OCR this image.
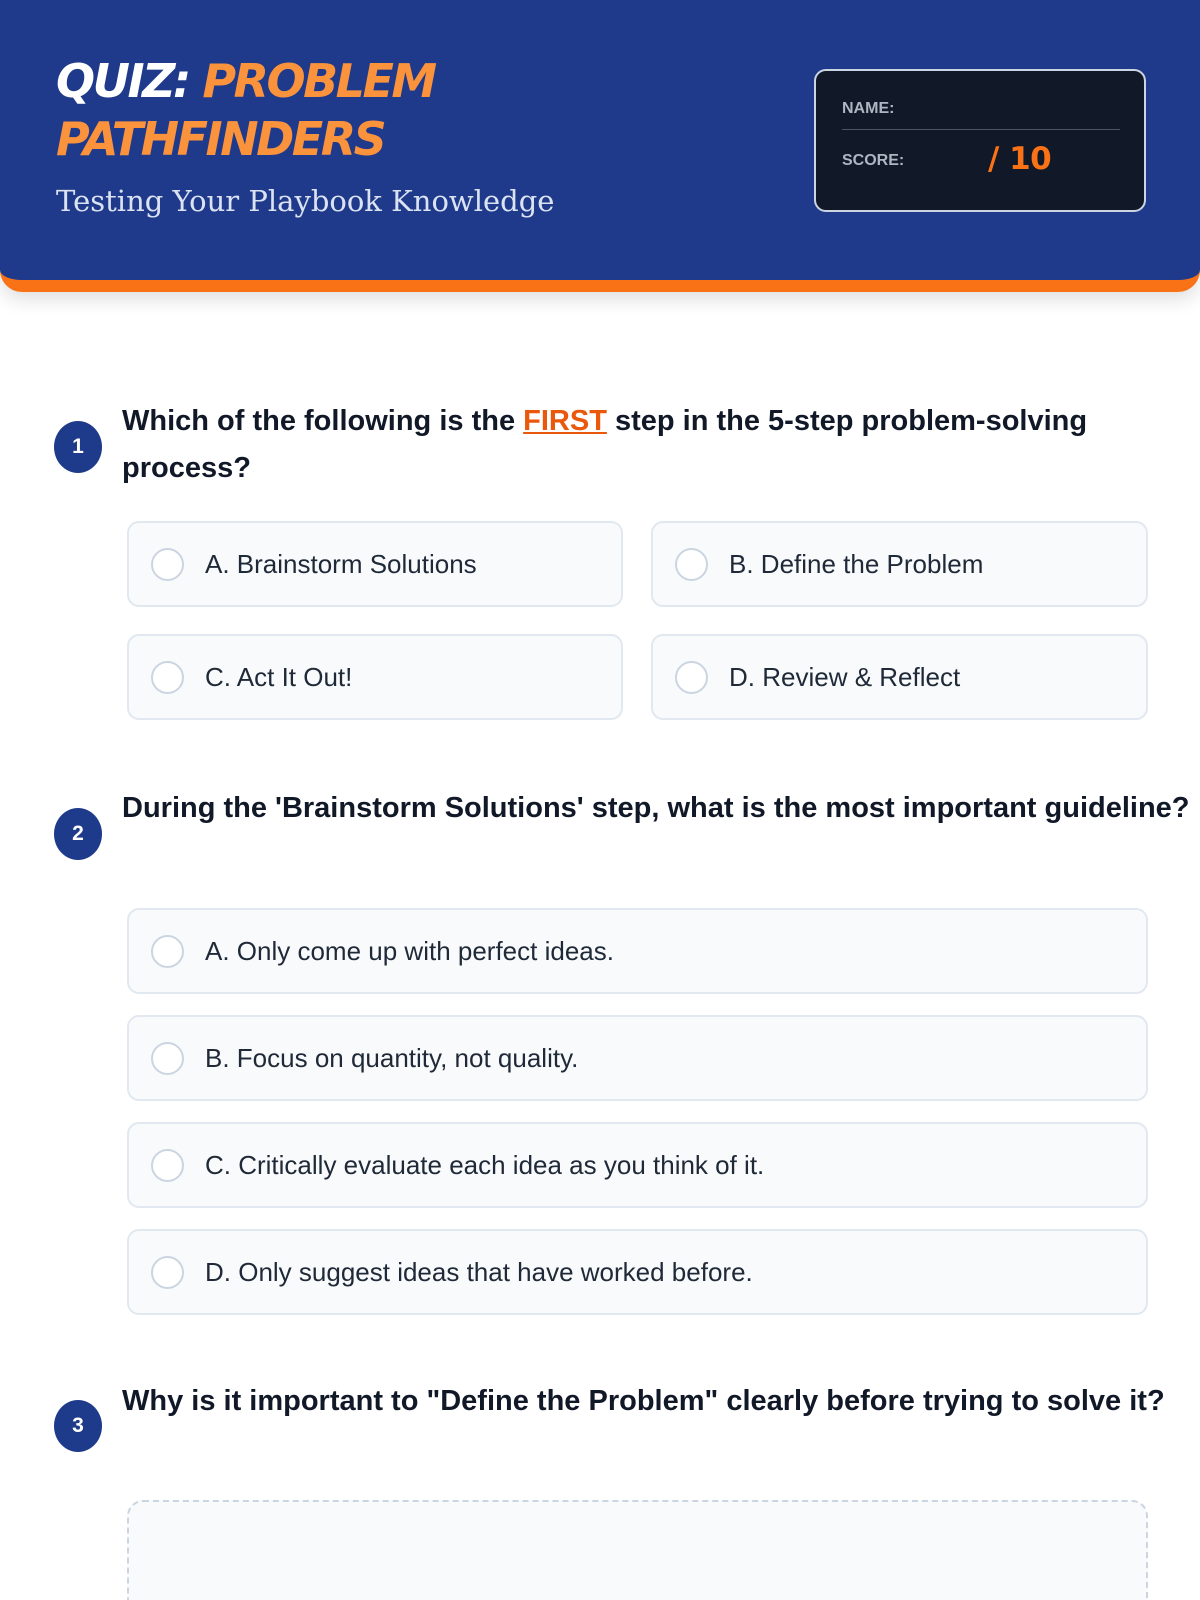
QUIZ: PROBLEM PATHFINDERS
Testing Your Playbook Knowledge
NAME:
SCORE:	/ 10
1
Which of the following is the FIRST step in the 5-step problem-solving process?
A. Brainstorm Solutions	B. Define the Problem
C. Act It Out!	D. Review & Reflect
2
During the 'Brainstorm Solutions' step, what is the most important guideline?
A. Only come up with perfect ideas.
B. Focus on quantity, not quality.
C. Critically evaluate each idea as you think of it.
D. Only suggest ideas that have worked before.
3
Why is it important to "Define the Problem" clearly before trying to solve it?
